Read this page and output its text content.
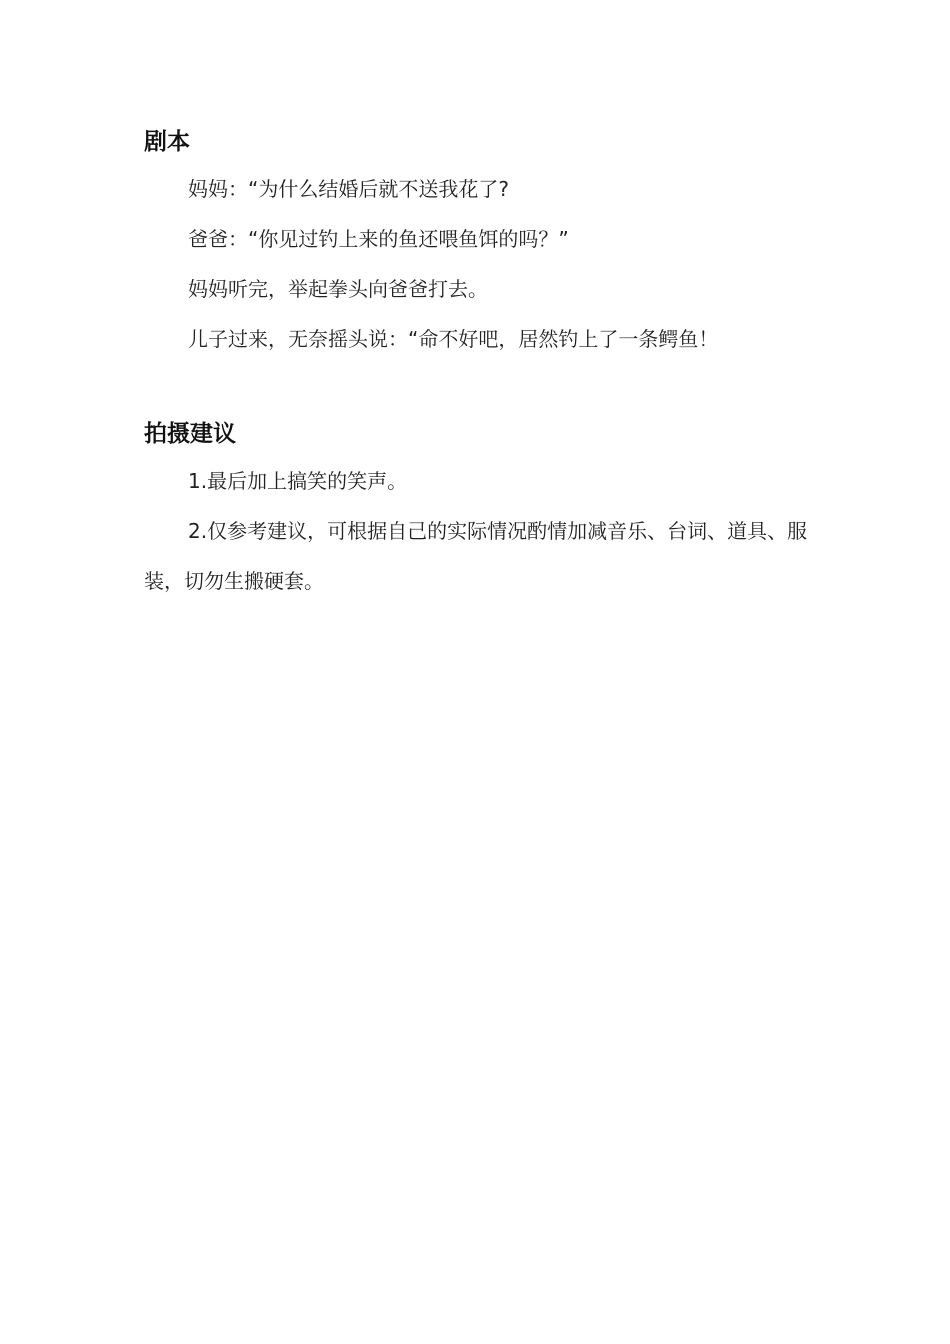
剧本

妈妈：“为什么结婚后就不送我花了?

爸爸：“你见过钓上来的鱼还喂鱼饵的吗？”

妈妈听完，举起拳头向爸爸打去。

儿子过来，无奈摇头说：“命不好吧，居然钓上了一条鳄鱼！

拍摄建议

1.最后加上搞笑的笑声。

2.仅参考建议，可根据自己的实际情况酌情加减音乐、台词、道具、服装，切勿生搬硬套。
